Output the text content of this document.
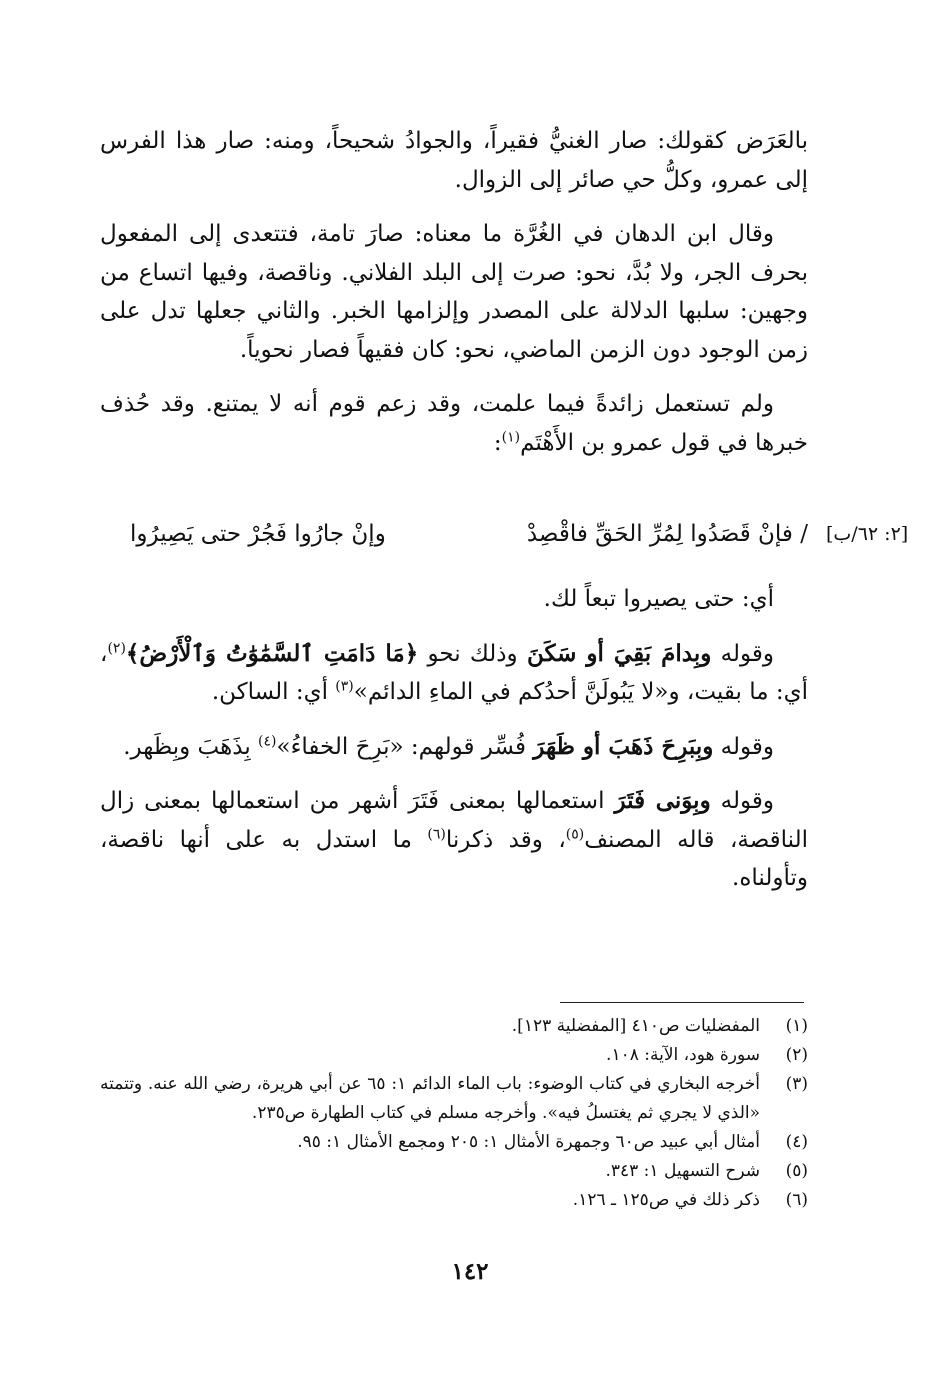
بالعَرَض كقولك: صار الغنيُّ فقيراً، والجوادُ شحيحاً، ومنه: صار هذا الفرس إلى عمرو، وكلُّ حي صائر إلى الزوال.

وقال ابن الدهان في الغُرَّة ما معناه: صارَ تامة، فتتعدى إلى المفعول بحرف الجر، ولا بُدَّ، نحو: صرت إلى البلد الفلاني. وناقصة، وفيها اتساع من وجهين: سلبها الدلالة على المصدر وإلزامها الخبر. والثاني جعلها تدل على زمن الوجود دون الزمن الماضي، نحو: كان فقيهاً فصار نحوياً.

ولم تستعمل زائدةً فيما علمت، وقد زعم قوم أنه لا يمتنع. وقد حُذف خبرها في قول عمرو بن الأَهْتَم$^{(١)}$:

[٢: ٦٢/ب]
/ فإنْ قَصَدُوا لِمُرِّ الحَقِّ فاقْصِدْ
وإنْ جارُوا فَجُرْ حتى يَصِيرُوا

أي: حتى يصيروا تبعاً لك.

وقوله وبِدامَ بَقِيَ أو سَكَنَ وذلك نحو ﴿مَا دَامَتِ ٱلسَّمَٰوَٰتُ وَٱلْأَرْضُ﴾$^{(٢)}$، أي: ما بقيت، و«لا يَبُولَنَّ أحدُكم في الماءِ الدائم»$^{(٣)}$ أي: الساكن.

وقوله وبِبَرِحَ ذَهَبَ أو ظَهَرَ فُسِّر قولهم: «بَرِحَ الخفاءُ»$^{(٤)}$ بِذَهَبَ وبِظَهر.

وقوله وبِوَنى فَتَرَ استعمالها بمعنى فَتَرَ أشهر من استعمالها بمعنى زال الناقصة، قاله المصنف$^{(٥)}$، وقد ذكرنا$^{(٦)}$ ما استدل به على أنها ناقصة، وتأولناه.

(١)
المفضليات ص٤١٠ [المفضلية ١٢٣].

(٢)
سورة هود، الآية: ١٠٨.

(٣)
أخرجه البخاري في كتاب الوضوء: باب الماء الدائم ١: ٦٥ عن أبي هريرة، رضي الله عنه. وتتمته «الذي لا يجري ثم يغتسلُ فيه». وأخرجه مسلم في كتاب الطهارة ص٢٣٥.

(٤)
أمثال أبي عبيد ص٦٠ وجمهرة الأمثال ١: ٢٠٥ ومجمع الأمثال ١: ٩٥.

(٥)
شرح التسهيل ١: ٣٤٣.

(٦)
ذكر ذلك في ص١٢٥ ـ ١٢٦.

١٤٢
